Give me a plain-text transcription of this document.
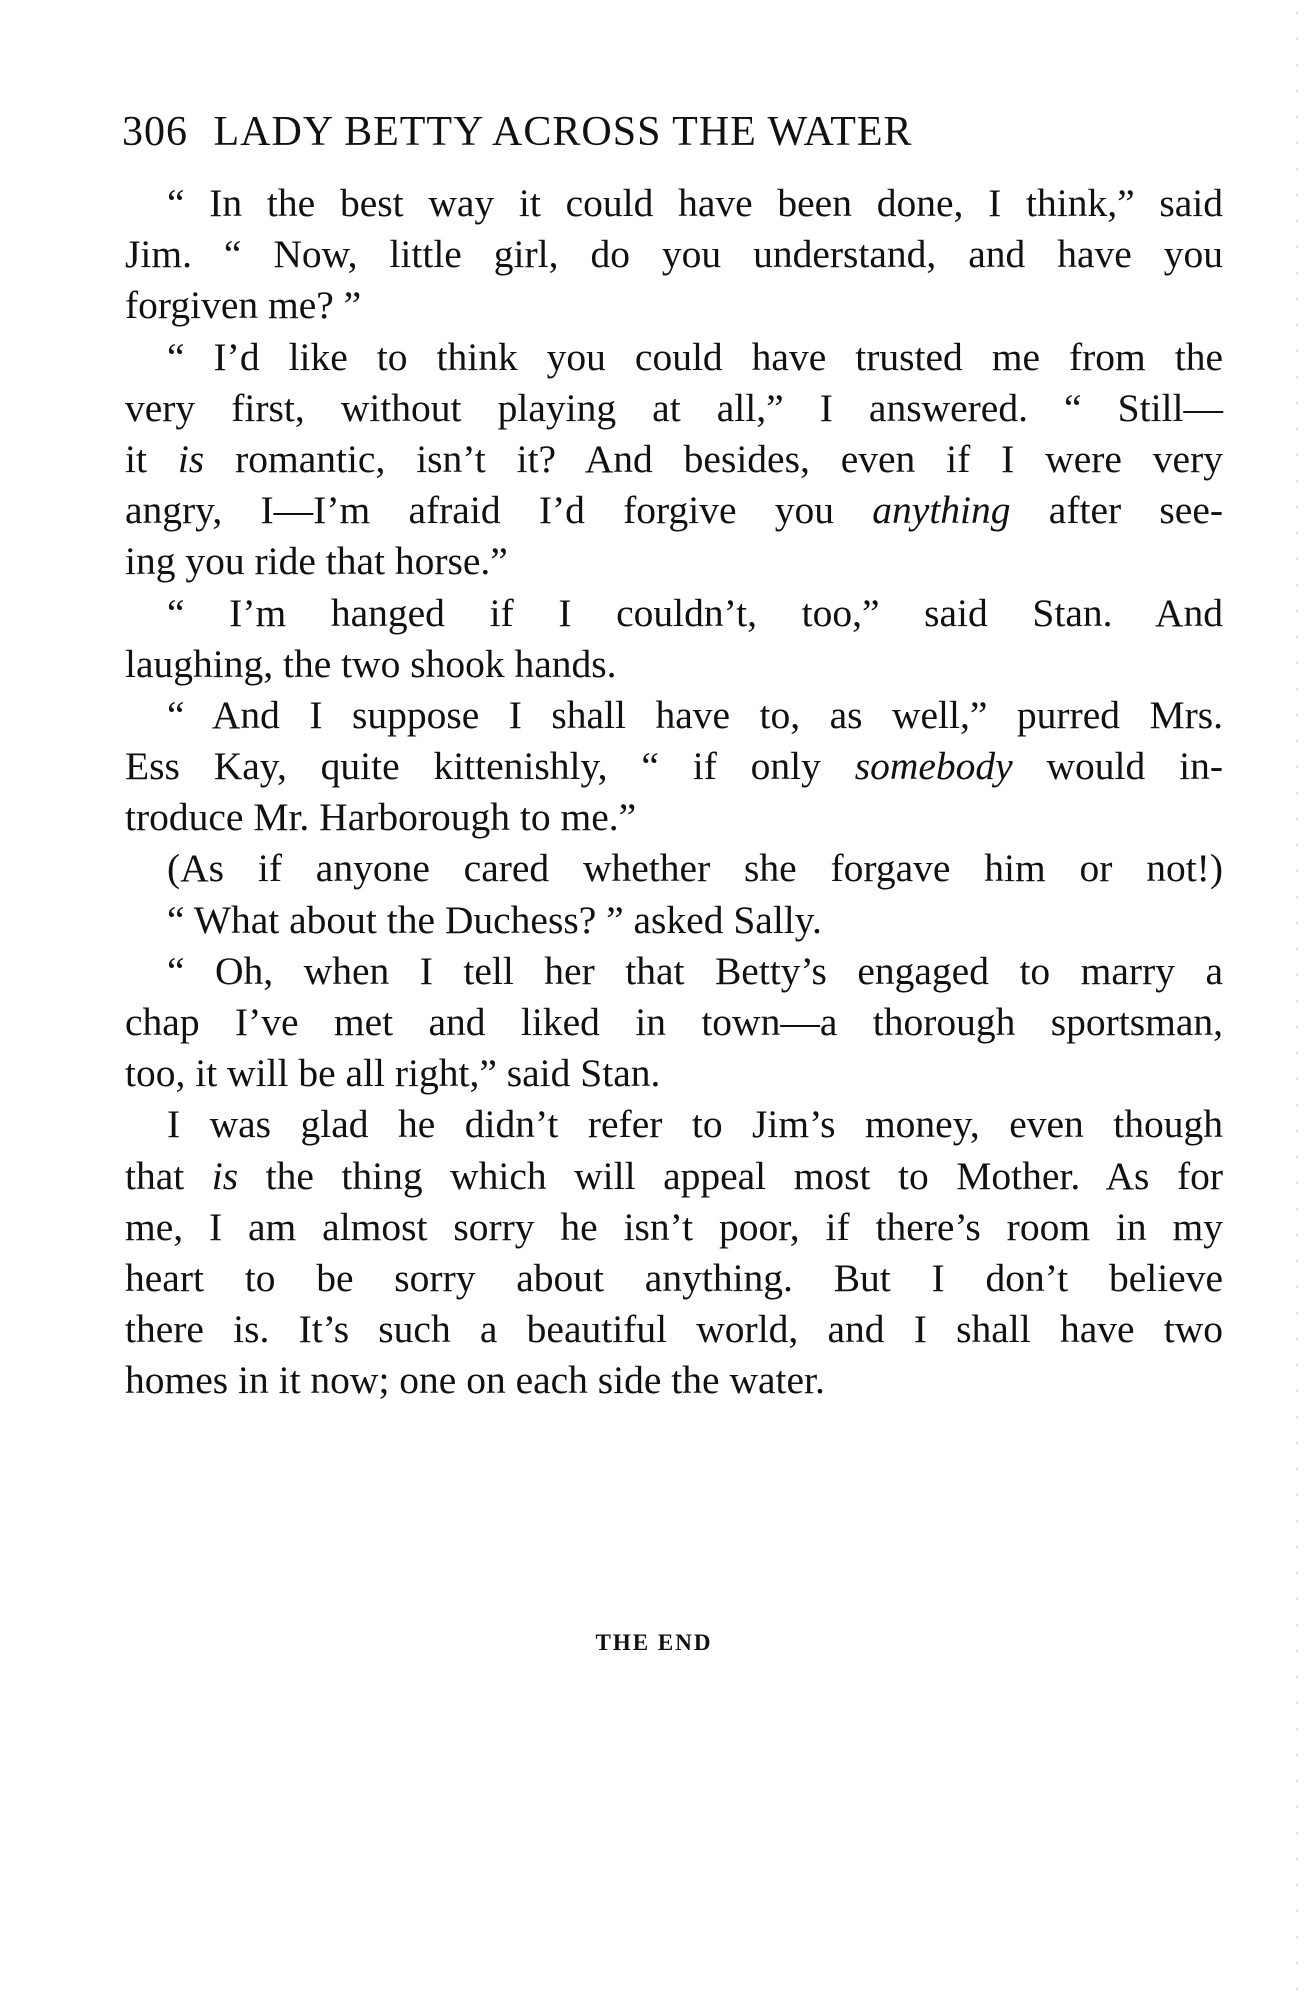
306 LADY BETTY ACROSS THE WATER
“ In the best way it could have been done, I think,” said
Jim. “ Now, little girl, do you understand, and have you
forgiven me? ”
“ I’d like to think you could have trusted me from the
very first, without playing at all,” I answered. “ Still—
it is romantic, isn’t it? And besides, even if I were very
angry, I—I’m afraid I’d forgive you anything after see-
ing you ride that horse.”
“ I’m hanged if I couldn’t, too,” said Stan. And
laughing, the two shook hands.
“ And I suppose I shall have to, as well,” purred Mrs.
Ess Kay, quite kittenishly, “ if only somebody would in-
troduce Mr. Harborough to me.”
(As if anyone cared whether she forgave him or not!)
“ What about the Duchess? ” asked Sally.
“ Oh, when I tell her that Betty’s engaged to marry a
chap I’ve met and liked in town—a thorough sportsman,
too, it will be all right,” said Stan.
I was glad he didn’t refer to Jim’s money, even though
that is the thing which will appeal most to Mother. As for
me, I am almost sorry he isn’t poor, if there’s room in my
heart to be sorry about anything. But I don’t believe
there is. It’s such a beautiful world, and I shall have two
homes in it now; one on each side the water.
THE END
